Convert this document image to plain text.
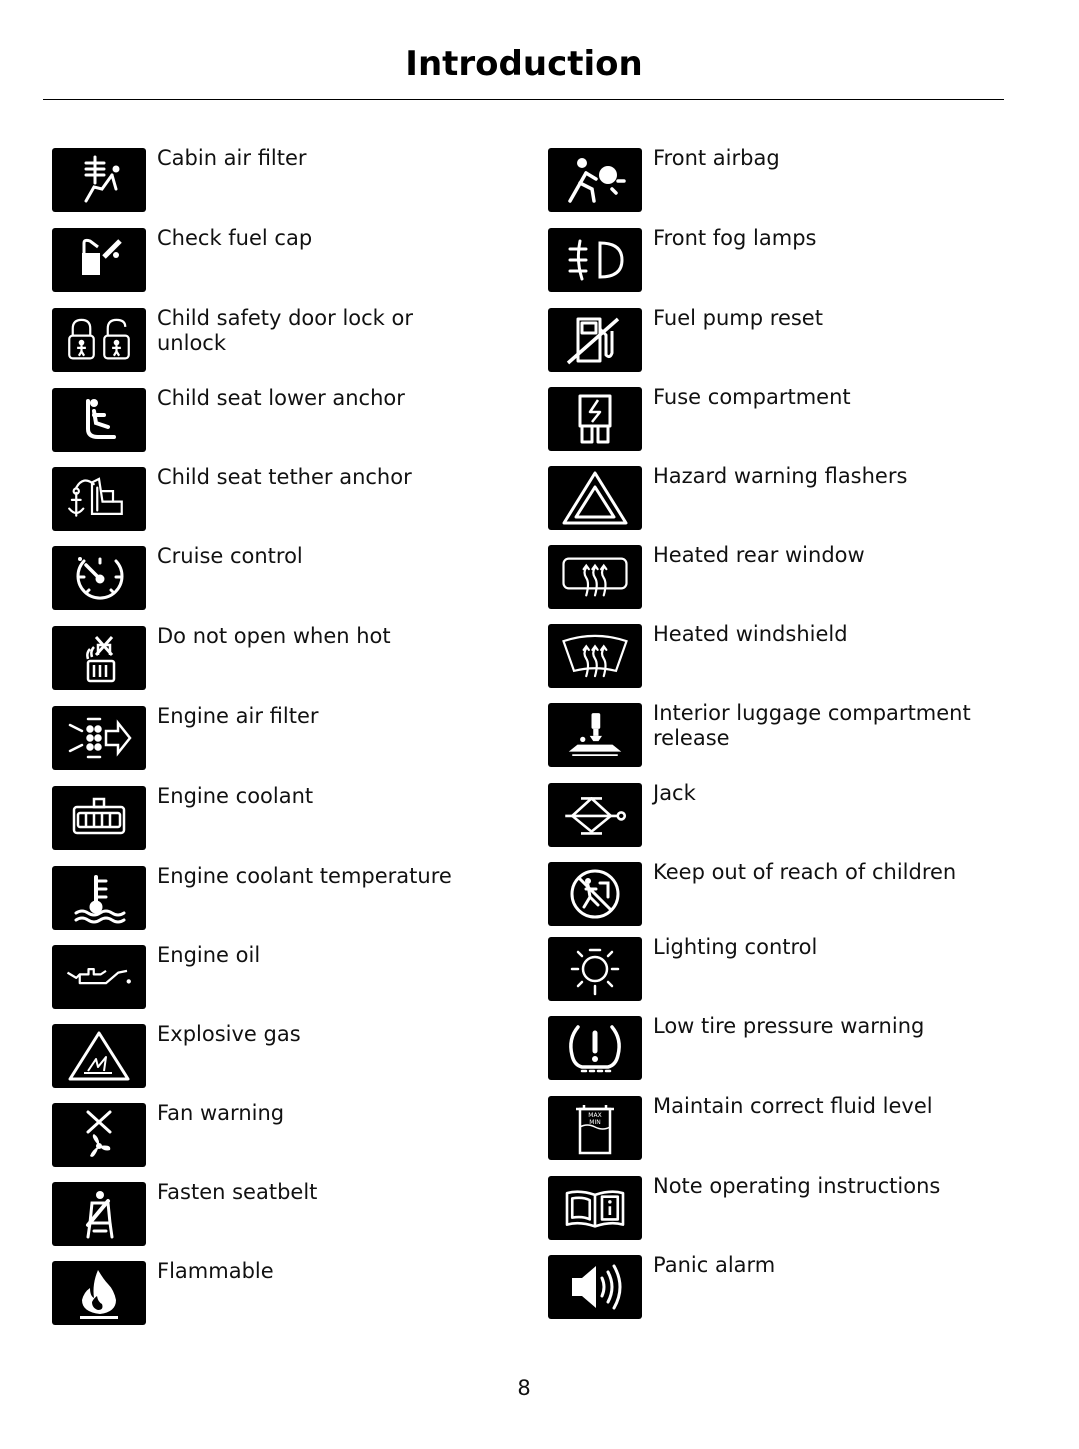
Introduction
Cabin air filter
Check fuel cap
Child safety door lock or unlock
Child seat lower anchor
Child seat tether anchor
Cruise control
Do not open when hot
Engine air filter
Engine coolant
Engine coolant temperature
Engine oil
Explosive gas
Fan warning
Fasten seatbelt
Flammable
Front airbag
Front fog lamps
Fuel pump reset
Fuse compartment
Hazard warning flashers
Heated rear window
Heated windshield
Interior luggage compartment release
Jack
Keep out of reach of children
Lighting control
Low tire pressure warning
MAX
MIN
Maintain correct fluid level
Note operating instructions
Panic alarm
8
